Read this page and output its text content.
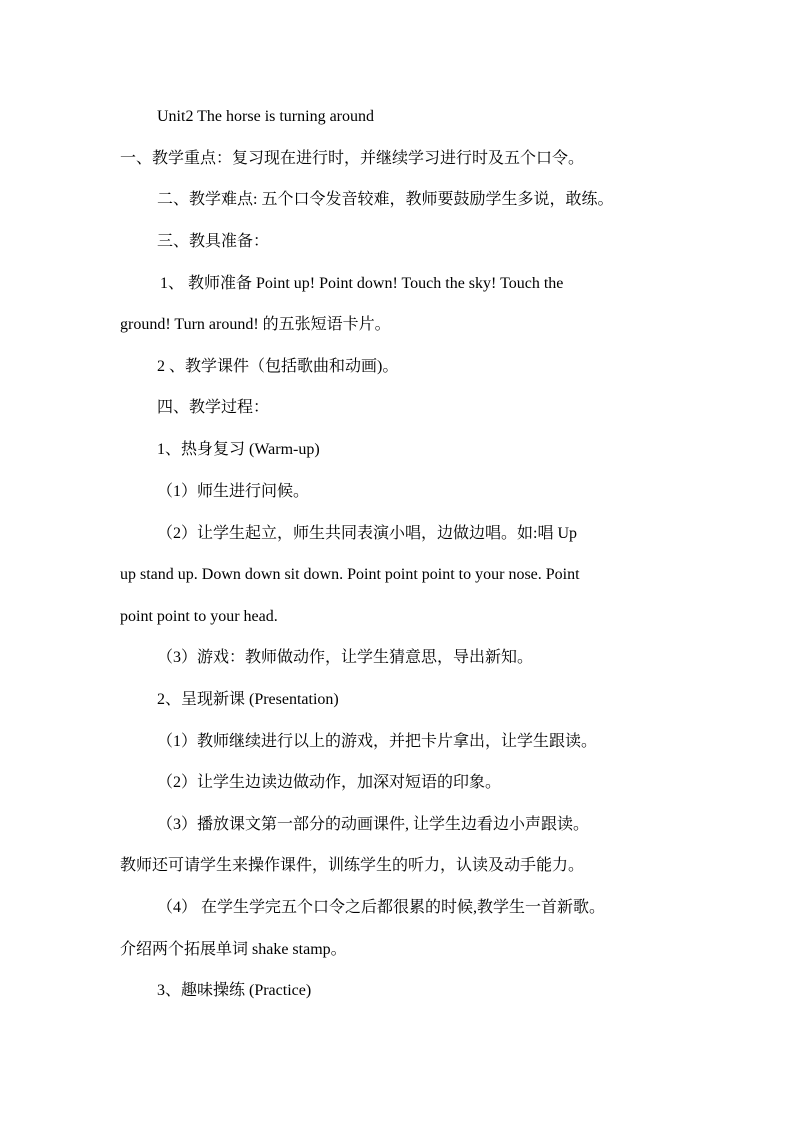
Unit2 The horse is turning around
一、教学重点：复习现在进行时，并继续学习进行时及五个口令。
二、教学难点: 五个口令发音较难，教师要鼓励学生多说，敢练。
三、教具准备：
1、 教师准备 Point up! Point down! Touch the sky! Touch the
ground! Turn around! 的五张短语卡片。
2 、教学课件（包括歌曲和动画)。
四、教学过程：
1、热身复习 (Warm-up)
（1）师生进行问候。
（2）让学生起立，师生共同表演小唱，边做边唱。如:唱 Up
up stand up. Down down sit down. Point point point to your nose. Point
point point to your head.
（3）游戏：教师做动作，让学生猜意思，导出新知。
2、呈现新课 (Presentation)
（1）教师继续进行以上的游戏，并把卡片拿出，让学生跟读。
（2）让学生边读边做动作，加深对短语的印象。
（3）播放课文第一部分的动画课件, 让学生边看边小声跟读。
教师还可请学生来操作课件，训练学生的听力，认读及动手能力。
（4） 在学生学完五个口令之后都很累的时候,教学生一首新歌。
介绍两个拓展单词 shake stamp。
3、趣味操练 (Practice)
